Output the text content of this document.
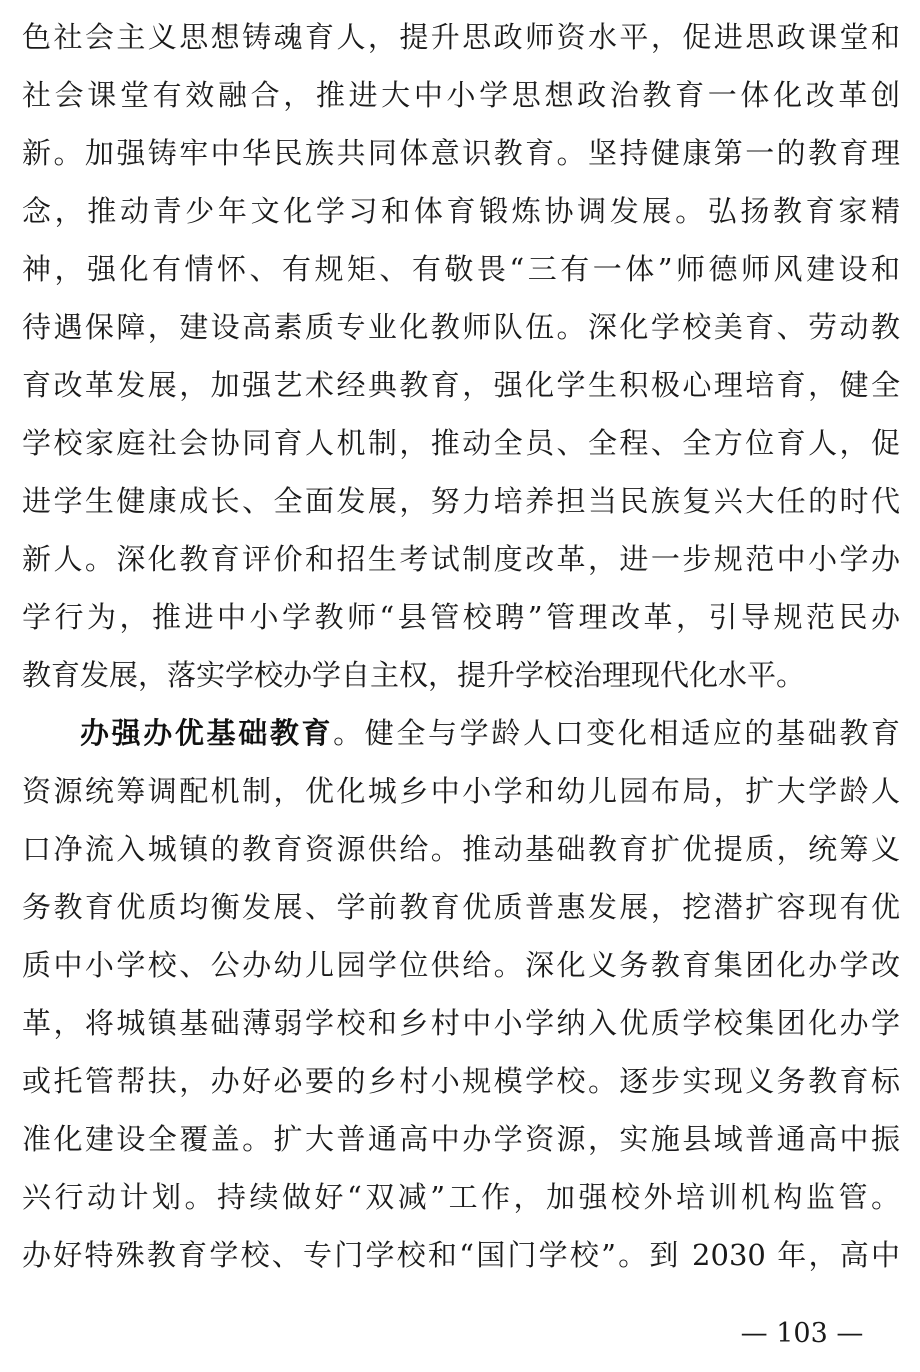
色社会主义思想铸魂育人，提升思政师资水平，促进思政课堂和
社会课堂有效融合，推进大中小学思想政治教育一体化改革创
新。加强铸牢中华民族共同体意识教育。坚持健康第一的教育理
念，推动青少年文化学习和体育锻炼协调发展。弘扬教育家精
神，强化有情怀、有规矩、有敬畏“三有一体”师德师风建设和
待遇保障，建设高素质专业化教师队伍。深化学校美育、劳动教
育改革发展，加强艺术经典教育，强化学生积极心理培育，健全
学校家庭社会协同育人机制，推动全员、全程、全方位育人，促
进学生健康成长、全面发展，努力培养担当民族复兴大任的时代
新人。深化教育评价和招生考试制度改革，进一步规范中小学办
学行为，推进中小学教师“县管校聘”管理改革，引导规范民办
教育发展，落实学校办学自主权，提升学校治理现代化水平。
办强办优基础教育。健全与学龄人口变化相适应的基础教育
资源统筹调配机制，优化城乡中小学和幼儿园布局，扩大学龄人
口净流入城镇的教育资源供给。推动基础教育扩优提质，统筹义
务教育优质均衡发展、学前教育优质普惠发展，挖潜扩容现有优
质中小学校、公办幼儿园学位供给。深化义务教育集团化办学改
革，将城镇基础薄弱学校和乡村中小学纳入优质学校集团化办学
或托管帮扶，办好必要的乡村小规模学校。逐步实现义务教育标
准化建设全覆盖。扩大普通高中办学资源，实施县域普通高中振
兴行动计划。持续做好“双减”工作，加强校外培训机构监管。
办好特殊教育学校、专门学校和“国门学校”。到 2030 年，高中
— 103 —
